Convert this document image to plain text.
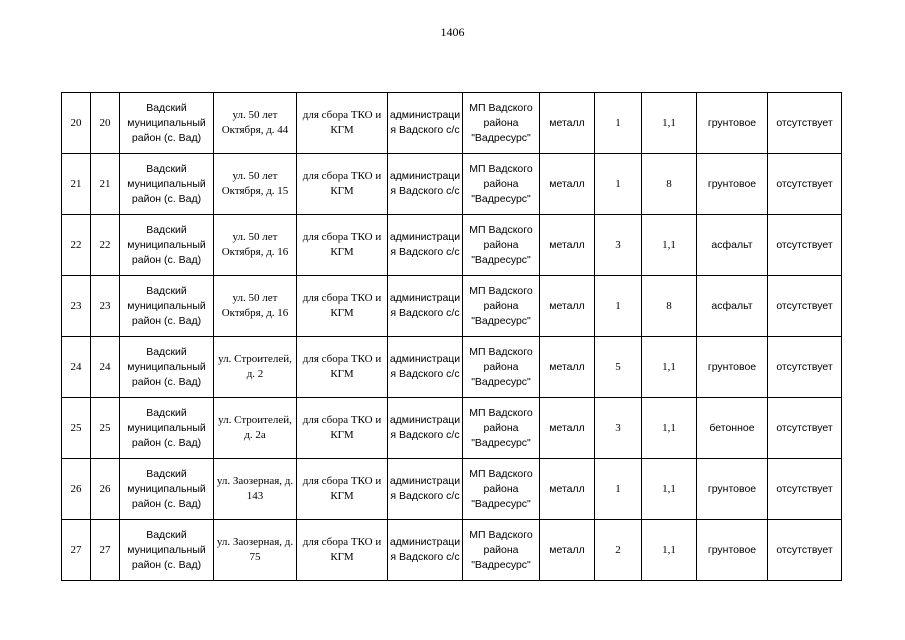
1406
20	20	Вадский муниципальный район (с. Вад)	ул. 50 лет Октября, д. 44	для сбора ТКО и КГМ	администрация Вадского с/с	МП Вадского района "Вадресурс"	металл	1	1,1	грунтовое	отсутствует
21	21	Вадский муниципальный район (с. Вад)	ул. 50 лет Октября, д. 15	для сбора ТКО и КГМ	администрация Вадского с/с	МП Вадского района "Вадресурс"	металл	1	8	грунтовое	отсутствует
22	22	Вадский муниципальный район (с. Вад)	ул. 50 лет Октября, д. 16	для сбора ТКО и КГМ	администрация Вадского с/с	МП Вадского района "Вадресурс"	металл	3	1,1	асфальт	отсутствует
23	23	Вадский муниципальный район (с. Вад)	ул. 50 лет Октября, д. 16	для сбора ТКО и КГМ	администрация Вадского с/с	МП Вадского района "Вадресурс"	металл	1	8	асфальт	отсутствует
24	24	Вадский муниципальный район (с. Вад)	ул. Строителей, д. 2	для сбора ТКО и КГМ	администрация Вадского с/с	МП Вадского района "Вадресурс"	металл	5	1,1	грунтовое	отсутствует
25	25	Вадский муниципальный район (с. Вад)	ул. Строителей, д. 2а	для сбора ТКО и КГМ	администрация Вадского с/с	МП Вадского района "Вадресурс"	металл	3	1,1	бетонное	отсутствует
26	26	Вадский муниципальный район (с. Вад)	ул. Заозерная, д. 143	для сбора ТКО и КГМ	администрация Вадского с/с	МП Вадского района "Вадресурс"	металл	1	1,1	грунтовое	отсутствует
27	27	Вадский муниципальный район (с. Вад)	ул. Заозерная, д. 75	для сбора ТКО и КГМ	администрация Вадского с/с	МП Вадского района "Вадресурс"	металл	2	1,1	грунтовое	отсутствует
